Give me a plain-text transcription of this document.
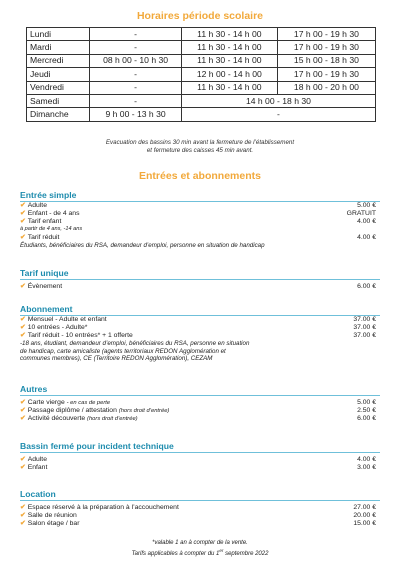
Horaires période scolaire
Lundi	-	11 h 30 - 14 h 00	17 h 00 - 19 h 30
Mardi	-	11 h 30 - 14 h 00	17 h 00 - 19 h 30
Mercredi	08 h 00 - 10 h 30	11 h 30 - 14 h 00	15 h 00 - 18 h 30
Jeudi	-	12 h 00 - 14 h 00	17 h 00 - 19 h 30
Vendredi	-	11 h 30 - 14 h 00	18 h 00 - 20 h 00
Samedi	-	14 h 00 - 18 h 30	
Dimanche	9 h 00 - 13 h 30	-	
Evacuation des bassins 30 min avant la fermeture de l’établissement
et fermeture des caisses 45 min avant.
Entrées et abonnements
Entrée simple
✔ Adulte	5.00 €
✔ Enfant - de 4 ans	GRATUIT
✔ Tarif enfant	4.00 €
à partir de 4 ans, -14 ans
✔ Tarif réduit	4.00 €
Étudiants, bénéficiaires du RSA, demandeur d’emploi, personne en situation de handicap
Tarif unique
✔ Évènement	6.00 €
Abonnement
✔ Mensuel - Adulte et enfant	37.00 €
✔ 10 entrées - Adulte*	37.00 €
✔ Tarif réduit - 10 entrées* + 1 offerte	37.00 €
-18 ans, étudiant, demandeur d’emploi, bénéficiaires du RSA, personne en situation
de handicap, carte amicaliste (agents territoriaux REDON Agglomération et
communes membres), CE (Territoire REDON Agglomération), CEZAM
Autres
✔ Carte vierge - en cas de perte	5.00 €
✔ Passage diplôme / attestation (hors droit d’entrée)	2.50 €
✔ Activité découverte (hors droit d’entrée)	6.00 €
Bassin fermé pour incident technique
✔ Adulte	4.00 €
✔ Enfant	3.00 €
Location
✔ Espace réservé à la préparation à l’accouchement	27.00 €
✔ Salle de réunion	20.00 €
✔ Salon étage / bar	15.00 €
*valable 1 an à compter de la vente.
Tarifs applicables à compter du 1er septembre 2022
